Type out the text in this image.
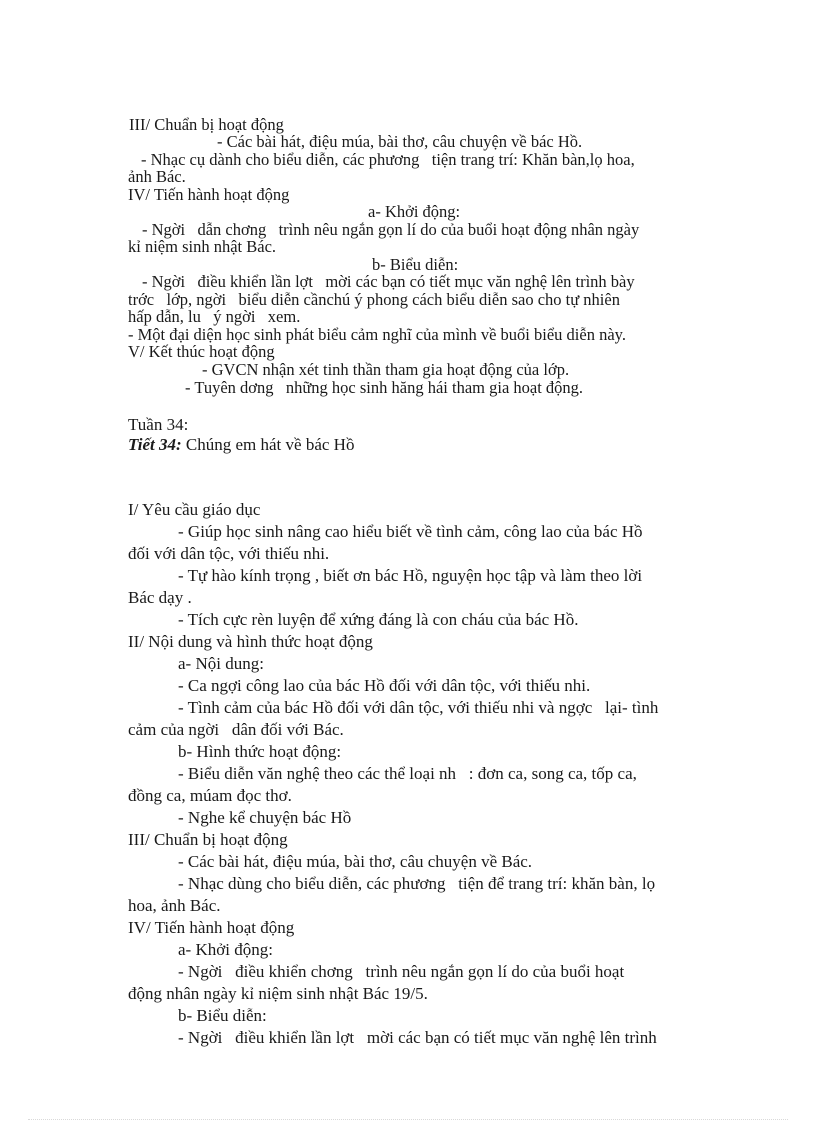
III/ Chuẩn bị hoạt động
- Các bài hát, điệu múa, bài thơ, câu chuyện về bác Hồ.
- Nhạc cụ dành cho biểu diễn, các phương   tiện trang trí: Khăn bàn,lọ hoa,
ảnh Bác.
IV/ Tiến hành hoạt động
a- Khởi động:
- Ngời   dẫn chơng   trình nêu ngắn gọn lí do của buổi hoạt động nhân ngày
kỉ niệm sinh nhật Bác.
b- Biểu diễn:
- Ngời   điều khiển lần lợt   mời các bạn có tiết mục văn nghệ lên trình bày
trớc   lớp, ngời   biểu diễn cầnchú ý phong cách biểu diễn sao cho tự nhiên
hấp dẫn, lu   ý ngời   xem.
- Một đại diện học sinh phát biểu cảm nghĩ của mình về buổi biểu diễn này.
V/ Kết thúc hoạt động
- GVCN nhận xét tinh thần tham gia hoạt động của lớp.
- Tuyên dơng   những học sinh hăng hái tham gia hoạt động.
Tuần 34:
Tiết 34: Chúng em hát về bác Hồ
I/ Yêu cầu giáo dục
- Giúp học sinh nâng cao hiểu biết về tình cảm, công lao của bác Hồ
đối với dân tộc, với thiếu nhi.
- Tự hào kính trọng , biết ơn bác Hồ, nguyện học tập và làm theo lời
Bác dạy .
- Tích cực rèn luyện để xứng đáng là con cháu của bác Hồ.
II/ Nội dung và hình thức hoạt động
a- Nội dung:
- Ca ngợi công lao của bác Hồ đối với dân tộc, với thiếu nhi.
- Tình cảm của bác Hồ đối với dân tộc, với thiếu nhi và ngợc   lại- tình
cảm của ngời   dân đối với Bác.
b- Hình thức hoạt động:
- Biểu diễn văn nghệ theo các thể loại nh   : đơn ca, song ca, tốp ca,
đồng ca, múam đọc thơ.
- Nghe kể chuyện bác Hồ
III/ Chuẩn bị hoạt động
- Các bài hát, điệu múa, bài thơ, câu chuyện về Bác.
- Nhạc dùng cho biểu diễn, các phương   tiện để trang trí: khăn bàn, lọ
hoa, ảnh Bác.
IV/ Tiến hành hoạt động
a- Khởi động:
- Ngời   điều khiển chơng   trình nêu ngắn gọn lí do của buổi hoạt
động nhân ngày kỉ niệm sinh nhật Bác 19/5.
b- Biểu diễn:
- Ngời   điều khiển lần lợt   mời các bạn có tiết mục văn nghệ lên trình
